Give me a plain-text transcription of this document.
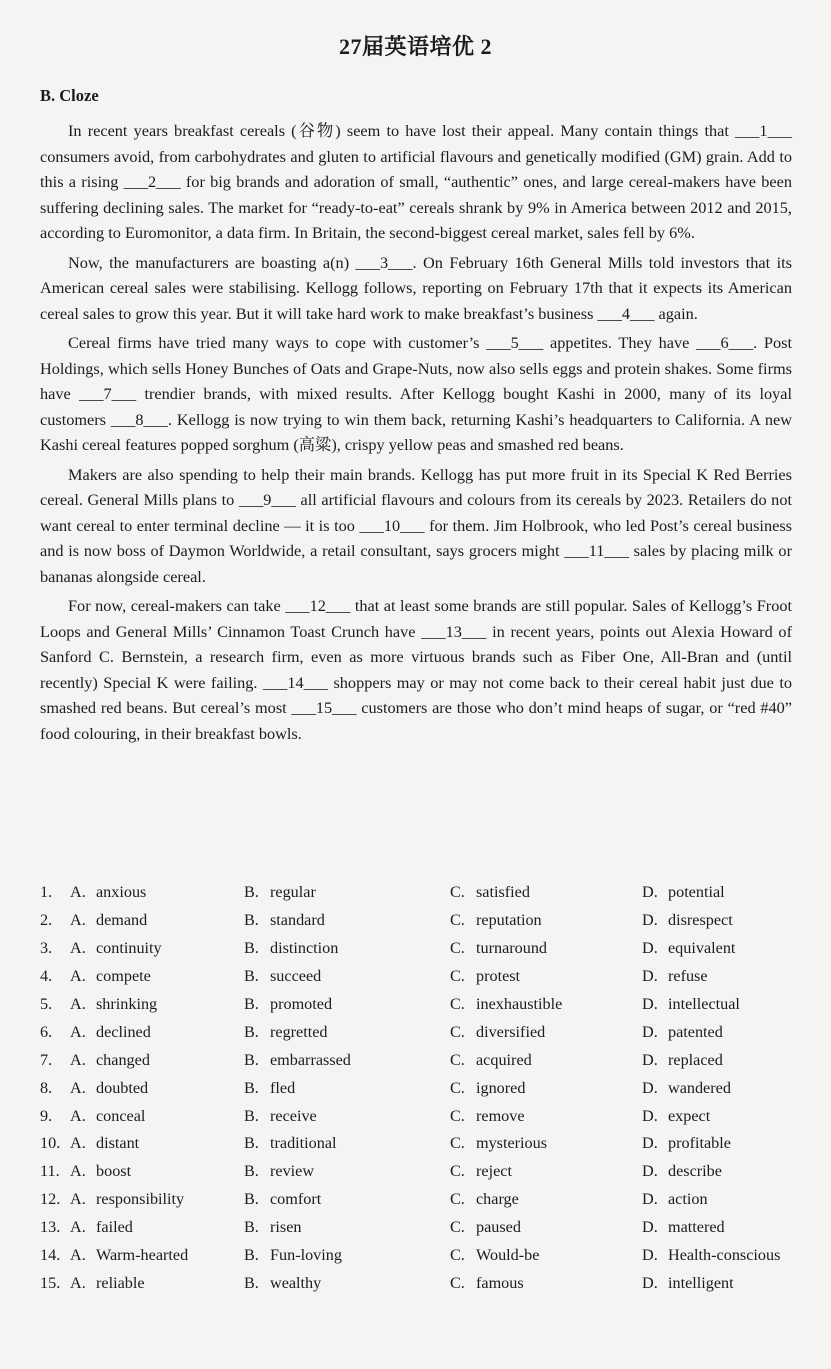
27届英语培优 2
B. Cloze

In recent years breakfast cereals (谷物) seem to have lost their appeal. Many contain things that ___1___ consumers avoid, from carbohydrates and gluten to artificial flavours and genetically modified (GM) grain. Add to this a rising ___2___ for big brands and adoration of small, “authentic” ones, and large cereal-makers have been suffering declining sales. The market for “ready-to-eat” cereals shrank by 9% in America between 2012 and 2015, according to Euromonitor, a data firm. In Britain, the second-biggest cereal market, sales fell by 6%.

Now, the manufacturers are boasting a(n) ___3___. On February 16th General Mills told investors that its American cereal sales were stabilising. Kellogg follows, reporting on February 17th that it expects its American cereal sales to grow this year. But it will take hard work to make breakfast’s business ___4___ again.

Cereal firms have tried many ways to cope with customer’s ___5___ appetites. They have ___6___. Post Holdings, which sells Honey Bunches of Oats and Grape-Nuts, now also sells eggs and protein shakes. Some firms have ___7___ trendier brands, with mixed results. After Kellogg bought Kashi in 2000, many of its loyal customers ___8___. Kellogg is now trying to win them back, returning Kashi’s headquarters to California. A new Kashi cereal features popped sorghum (高粱), crispy yellow peas and smashed red beans.

Makers are also spending to help their main brands. Kellogg has put more fruit in its Special K Red Berries cereal. General Mills plans to ___9___ all artificial flavours and colours from its cereals by 2023. Retailers do not want cereal to enter terminal decline — it is too ___10___ for them. Jim Holbrook, who led Post’s cereal business and is now boss of Daymon Worldwide, a retail consultant, says grocers might ___11___ sales by placing milk or bananas alongside cereal.

For now, cereal-makers can take ___12___ that at least some brands are still popular. Sales of Kellogg’s Froot Loops and General Mills’ Cinnamon Toast Crunch have ___13___ in recent years, points out Alexia Howard of Sanford C. Bernstein, a research firm, even as more virtuous brands such as Fiber One, All-Bran and (until recently) Special K were failing. ___14___ shoppers may or may not come back to their cereal habit just due to smashed red beans. But cereal’s most ___15___ customers are those who don’t mind heaps of sugar, or “red #40” food colouring, in their breakfast bowls.

1.	A. anxious	B. regular	C. satisfied	D. potential
2.	A. demand	B. standard	C. reputation	D. disrespect
3.	A. continuity	B. distinction	C. turnaround	D. equivalent
4.	A. compete	B. succeed	C. protest	D. refuse
5.	A. shrinking	B. promoted	C. inexhaustible	D. intellectual
6.	A. declined	B. regretted	C. diversified	D. patented
7.	A. changed	B. embarrassed	C. acquired	D. replaced
8.	A. doubted	B. fled	C. ignored	D. wandered
9.	A. conceal	B. receive	C. remove	D. expect
10. A. distant	B. traditional	C. mysterious	D. profitable
11. A. boost	B. review	C. reject	D. describe
12. A. responsibility	B. comfort	C. charge	D. action
13. A. failed	B. risen	C. paused	D. mattered
14. A. Warm-hearted	B. Fun-loving	C. Would-be	D. Health-conscious
15. A. reliable	B. wealthy	C. famous	D. intelligent
